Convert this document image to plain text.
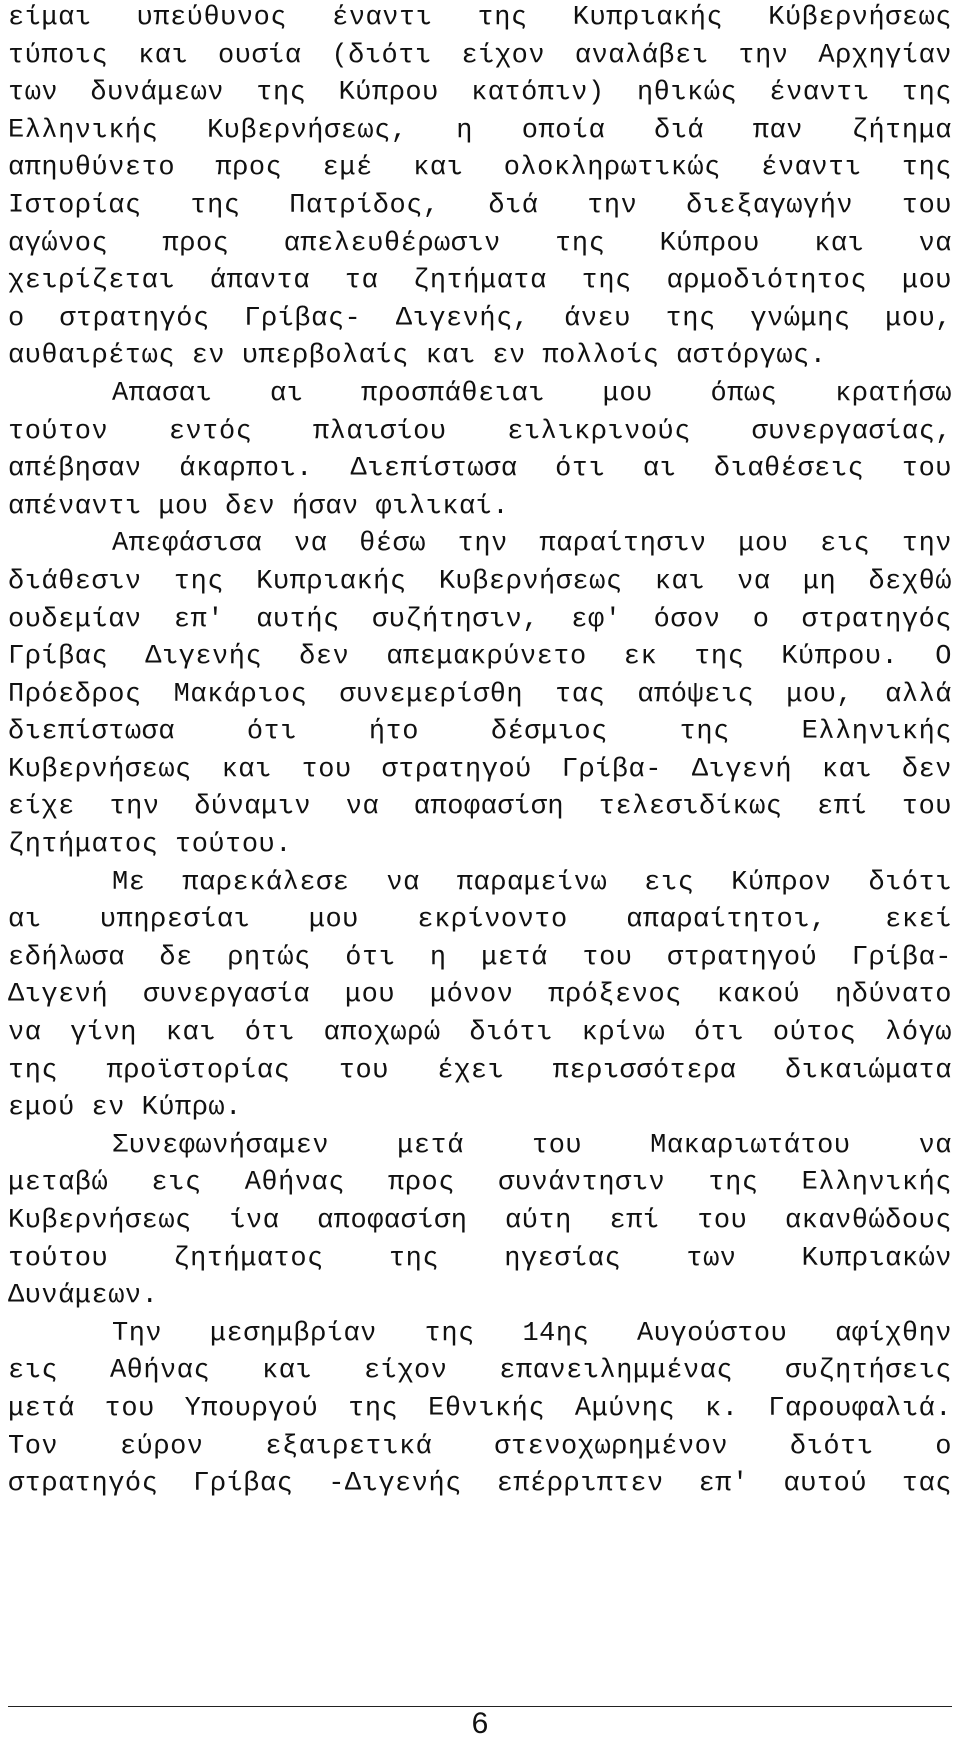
είμαι υπεύθυνος έναντι της Κυπριακής Κύβερνήσεως
τύποις και ουσία (διότι είχον αναλάβει την Αρχηγίαν
των δυνάμεων της Κύπρου κατόπιν) ηθικώς έναντι της
Ελληνικής Κυβερνήσεως, η οποία διά παν ζήτημα
απηυθύνετο προς εμέ και ολοκληρωτικώς έναντι της
Ιστορίας της Πατρίδος, διά την διεξαγωγήν του
αγώνος προς απελευθέρωσιν της Κύπρου και να
χειρίζεται άπαντα τα ζητήματα της αρμοδιότητος μου
ο στρατηγός Γρίβας- Διγενής, άνευ της γνώμης μου,
αυθαιρέτως εν υπερβολαίς και εν πολλοίς αστόργως.
Απασαι αι προσπάθειαι μου όπως κρατήσω
τούτον εντός πλαισίου ειλικρινούς συνεργασίας,
απέβησαν άκαρποι. Διεπίστωσα ότι αι διαθέσεις του
απέναντι μου δεν ήσαν φιλικαί.
Απεφάσισα να θέσω την παραίτησιν μου εις την
διάθεσιν της Κυπριακής Κυβερνήσεως και να μη δεχθώ
ουδεμίαν επ' αυτής συζήτησιν, εφ' όσον ο στρατηγός
Γρίβας Διγενής δεν απεμακρύνετο εκ της Κύπρου. Ο
Πρόεδρος Μακάριος συνεμερίσθη τας απόψεις μου, αλλά
διεπίστωσα ότι ήτο δέσμιος της Ελληνικής
Κυβερνήσεως και του στρατηγού Γρίβα- Διγενή και δεν
είχε την δύναμιν να αποφασίση τελεσιδίκως επί του
ζητήματος τούτου.
Με παρεκάλεσε να παραμείνω εις Κύπρον διότι
αι υπηρεσίαι μου εκρίνοντο απαραίτητοι, εκεί
εδήλωσα δε ρητώς ότι η μετά του στρατηγού Γρίβα-
Διγενή συνεργασία μου μόνον πρόξενος κακού ηδύνατο
να γίνη και ότι αποχωρώ διότι κρίνω ότι ούτος λόγω
της προϊστορίας του έχει περισσότερα δικαιώματα
εμού εν Κύπρω.
Συνεφωνήσαμεν μετά του Μακαριωτάτου να
μεταβώ εις Αθήνας προς συνάντησιν της Ελληνικής
Κυβερνήσεως ίνα αποφασίση αύτη επί του ακανθώδους
τούτου ζητήματος της ηγεσίας των Κυπριακών
Δυνάμεων.
Την μεσημβρίαν της 14ης Αυγούστου αφίχθην
εις Αθήνας και είχον επανειλημμένας συζητήσεις
μετά του Υπουργού της Εθνικής Αμύνης κ. Γαρουφαλιά.
Τον εύρον εξαιρετικά στενοχωρημένον διότι ο
στρατηγός Γρίβας -Διγενής επέρριπτεν επ' αυτού τας
6
